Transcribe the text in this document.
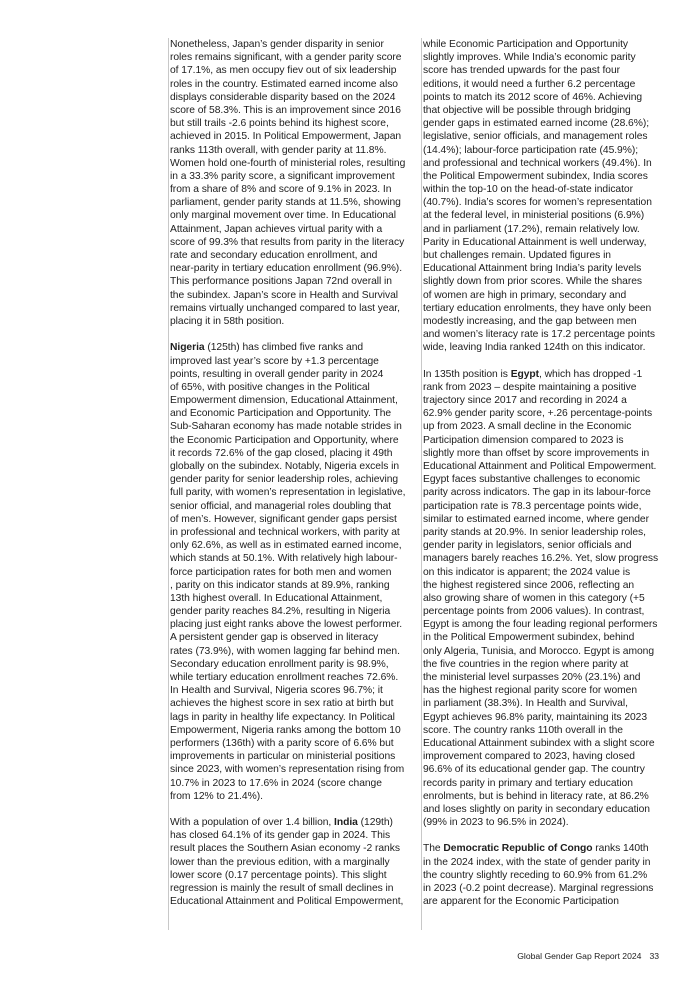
Nonetheless, Japan’s gender disparity in senior
roles remains significant, with a gender parity score
of 17.1%, as men occupy fiev out of six leadership
roles in the country. Estimated earned income also
displays considerable disparity based on the 2024
score of 58.3%. This is an improvement since 2016
but still trails -2.6 points behind its highest score,
achieved in 2015. In Political Empowerment, Japan
ranks 113th overall, with gender parity at 11.8%.
Women hold one-fourth of ministerial roles, resulting
in a 33.3% parity score, a significant improvement
from a share of 8% and score of 9.1% in 2023. In
parliament, gender parity stands at 11.5%, showing
only marginal movement over time. In Educational
Attainment, Japan achieves virtual parity with a
score of 99.3% that results from parity in the literacy
rate and secondary education enrollment, and
near-parity in tertiary education enrollment (96.9%).
This performance positions Japan 72nd overall in
the subindex. Japan’s score in Health and Survival
remains virtually unchanged compared to last year,
placing it in 58th position.

Nigeria (125th) has climbed five ranks and
improved last year’s score by +1.3 percentage
points, resulting in overall gender parity in 2024
of 65%, with positive changes in the Political
Empowerment dimension, Educational Attainment,
and Economic Participation and Opportunity. The
Sub-Saharan economy has made notable strides in
the Economic Participation and Opportunity, where
it records 72.6% of the gap closed, placing it 49th
globally on the subindex. Notably, Nigeria excels in
gender parity for senior leadership roles, achieving
full parity, with women’s representation in legislative,
senior official, and managerial roles doubling that
of men’s. However, significant gender gaps persist
in professional and technical workers, with parity at
only 62.6%, as well as in estimated earned income,
which stands at 50.1%. With relatively high labour-
force participation rates for both men and women
, parity on this indicator stands at 89.9%, ranking
13th highest overall. In Educational Attainment,
gender parity reaches 84.2%, resulting in Nigeria
placing just eight ranks above the lowest performer.
A persistent gender gap is observed in literacy
rates (73.9%), with women lagging far behind men.
Secondary education enrollment parity is 98.9%,
while tertiary education enrollment reaches 72.6%.
In Health and Survival, Nigeria scores 96.7%; it
achieves the highest score in sex ratio at birth but
lags in parity in healthy life expectancy. In Political
Empowerment, Nigeria ranks among the bottom 10
performers (136th) with a parity score of 6.6% but
improvements in particular on ministerial positions
since 2023, with women’s representation rising from
10.7% in 2023 to 17.6% in 2024 (score change
from 12% to 21.4%).

With a population of over 1.4 billion, India (129th)
has closed 64.1% of its gender gap in 2024. This
result places the Southern Asian economy -2 ranks
lower than the previous edition, with a marginally
lower score (0.17 percentage points). This slight
regression is mainly the result of small declines in
Educational Attainment and Political Empowerment,

while Economic Participation and Opportunity
slightly improves. While India’s economic parity
score has trended upwards for the past four
editions, it would need a further 6.2 percentage
points to match its 2012 score of 46%. Achieving
that objective will be possible through bridging
gender gaps in estimated earned income (28.6%);
legislative, senior officials, and management roles
(14.4%); labour-force participation rate (45.9%);
and professional and technical workers (49.4%). In
the Political Empowerment subindex, India scores
within the top-10 on the head-of-state indicator
(40.7%). India’s scores for women’s representation
at the federal level, in ministerial positions (6.9%)
and in parliament (17.2%), remain relatively low.
Parity in Educational Attainment is well underway,
but challenges remain. Updated figures in
Educational Attainment bring India’s parity levels
slightly down from prior scores. While the shares
of women are high in primary, secondary and
tertiary education enrolments, they have only been
modestly increasing, and the gap between men
and women’s literacy rate is 17.2 percentage points
wide, leaving India ranked 124th on this indicator.

In 135th position is Egypt, which has dropped -1
rank from 2023 – despite maintaining a positive
trajectory since 2017 and recording in 2024 a
62.9% gender parity score, +.26 percentage-points
up from 2023. A small decline in the Economic
Participation dimension compared to 2023 is
slightly more than offset by score improvements in
Educational Attainment and Political Empowerment.
Egypt faces substantive challenges to economic
parity across indicators. The gap in its labour-force
participation rate is 78.3 percentage points wide,
similar to estimated earned income, where gender
parity stands at 20.9%. In senior leadership roles,
gender parity in legislators, senior officials and
managers barely reaches 16.2%. Yet, slow progress
on this indicator is apparent; the 2024 value is
the highest registered since 2006, reflecting an
also growing share of women in this category (+5
percentage points from 2006 values). In contrast,
Egypt is among the four leading regional performers
in the Political Empowerment subindex, behind
only Algeria, Tunisia, and Morocco. Egypt is among
the five countries in the region where parity at
the ministerial level surpasses 20% (23.1%) and
has the highest regional parity score for women
in parliament (38.3%). In Health and Survival,
Egypt achieves 96.8% parity, maintaining its 2023
score. The country ranks 110th overall in the
Educational Attainment subindex with a slight score
improvement compared to 2023, having closed
96.6% of its educational gender gap. The country
records parity in primary and tertiary education
enrolments, but is behind in literacy rate, at 86.2%
and loses slightly on parity in secondary education
(99% in 2023 to 96.5% in 2024).

The Democratic Republic of Congo ranks 140th
in the 2024 index, with the state of gender parity in
the country slightly receding to 60.9% from 61.2%
in 2023 (-0.2 point decrease). Marginal regressions
are apparent for the Economic Participation

Global Gender Gap Report 2024 33
